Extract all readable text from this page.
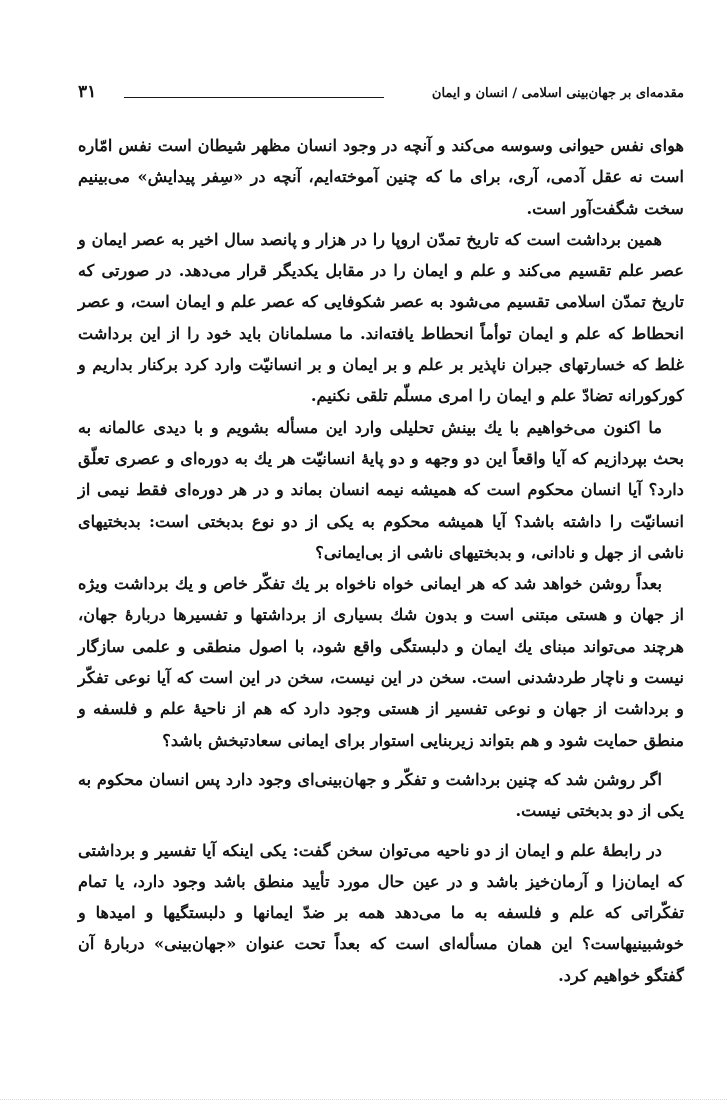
مقدمه‌ای بر جهان‌بینی اسلامی / انسان و ایمان
۳۱

هوای نفس حیوانی وسوسه می‌کند و آنچه در وجود انسان مظهر شیطان است نفس امّاره است نه عقل آدمی، آری، برای ما که چنین آموخته‌ایم، آنچه در «سِفر پیدایش» می‌بینیم سخت شگفت‌آور است.

همین برداشت است که تاریخ تمدّن اروپا را در هزار و پانصد سال اخیر به عصر ایمان و عصر علم تقسیم می‌کند و علم و ایمان را در مقابل یکدیگر قرار می‌دهد. در صورتی که تاریخ تمدّن اسلامی تقسیم می‌شود به عصر شکوفایی که عصر علم و ایمان است، و عصر انحطاط که علم و ایمان توأماً انحطاط یافته‌اند. ما مسلمانان باید خود را از این برداشت غلط که خسارتهای جبران ناپذیر بر علم و بر ایمان و بر انسانیّت وارد کرد برکنار بداریم و کورکورانه تضادّ علم و ایمان را امری مسلّم تلقی نکنیم.

ما اکنون می‌خواهیم با یك بینش تحلیلی وارد این مسأله بشویم و با دیدی عالمانه به بحث بپردازیم که آیا واقعاً این دو وجهه و دو پایهٔ انسانیّت هر یك به دوره‌ای و عصری تعلّق دارد؟ آیا انسان محکوم است که همیشه نیمه انسان بماند و در هر دوره‌ای فقط نیمی از انسانیّت را داشته باشد؟ آیا همیشه محکوم به یکی از دو نوع بدبختی است: بدبختیهای ناشی از جهل و نادانی، و بدبختیهای ناشی از بی‌ایمانی؟

بعداً روشن خواهد شد که هر ایمانی خواه ناخواه بر یك تفکّر خاص و یك برداشت ویژه از جهان و هستی مبتنی است و بدون شك بسیاری از برداشتها و تفسیرها دربارهٔ جهان، هرچند می‌تواند مبنای یك ایمان و دلبستگی واقع شود، با اصول منطقی و علمی سازگار نیست و ناچار طردشدنی است. سخن در این نیست، سخن در این است که آیا نوعی تفکّر و برداشت از جهان و نوعی تفسیر از هستی وجود دارد که هم از ناحیهٔ علم و فلسفه و منطق حمایت شود و هم بتواند زیربنایی استوار برای ایمانی سعادتبخش باشد؟

اگر روشن شد که چنین برداشت و تفکّر و جهان‌بینی‌ای وجود دارد پس انسان محکوم به یکی از دو بدبختی نیست.

در رابطهٔ علم و ایمان از دو ناحیه می‌توان سخن گفت: یکی اینکه آیا تفسیر و برداشتی که ایمان‌زا و آرمان‌خیز باشد و در عین حال مورد تأیید منطق باشد وجود دارد، یا تمام تفکّراتی که علم و فلسفه به ما می‌دهد همه بر ضدّ ایمانها و دلبستگیها و امیدها و خوشبینیهاست؟ این همان مسأله‌ای است که بعداً تحت عنوان «جهان‌بینی» دربارهٔ آن گفتگو خواهیم کرد.
